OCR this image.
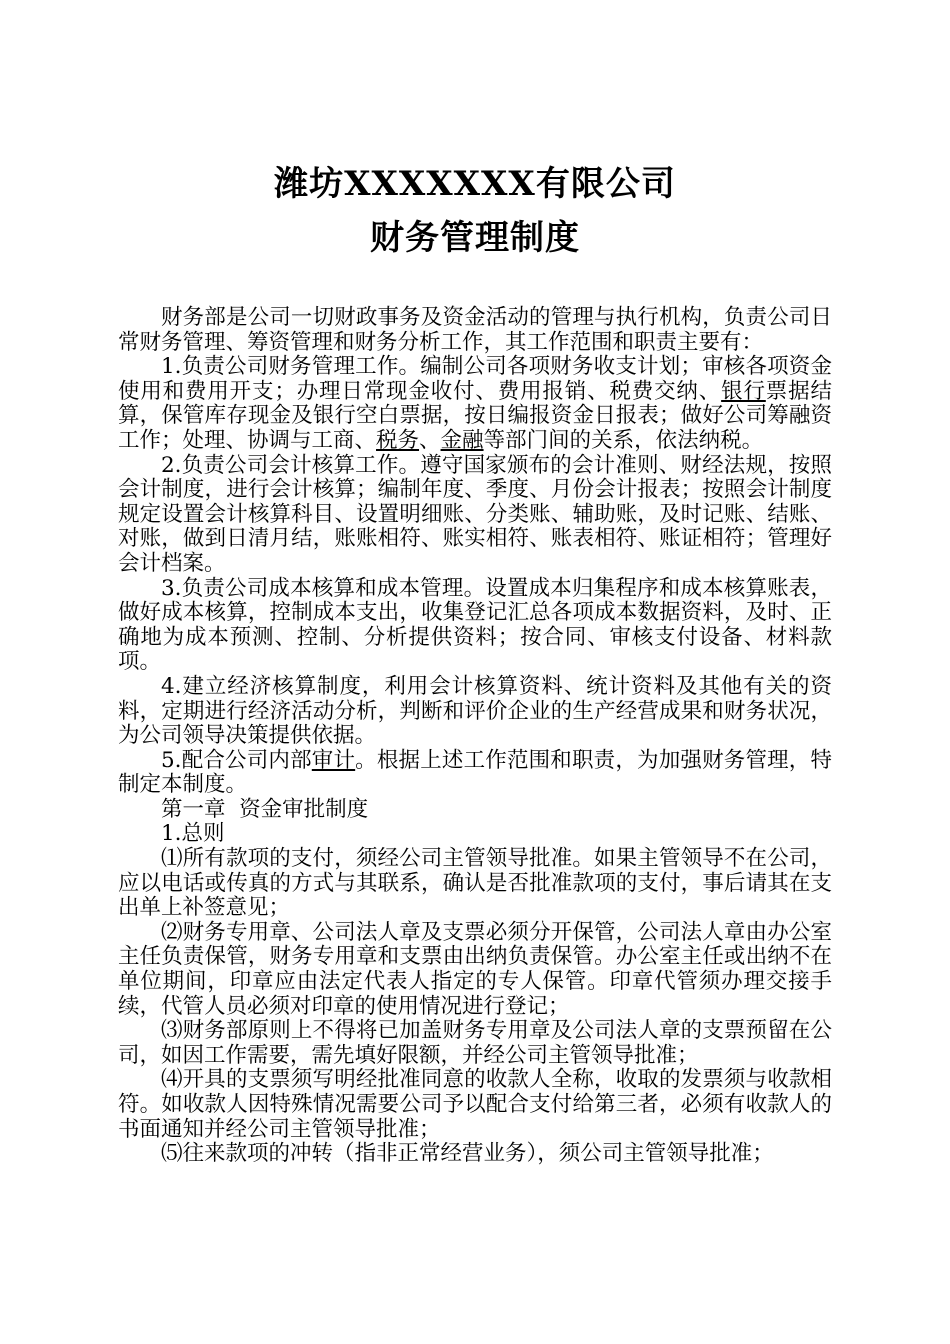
潍坊XXXXXXX有限公司
财务管理制度

财务部是公司一切财政事务及资金活动的管理与执行机构，负责公司日常财务管理、筹资管理和财务分析工作，其工作范围和职责主要有：

1.负责公司财务管理工作。编制公司各项财务收支计划；审核各项资金使用和费用开支；办理日常现金收付、费用报销、税费交纳、银行票据结算，保管库存现金及银行空白票据，按日编报资金日报表；做好公司筹融资工作；处理、协调与工商、税务、金融等部门间的关系，依法纳税。

2.负责公司会计核算工作。遵守国家颁布的会计准则、财经法规，按照会计制度，进行会计核算；编制年度、季度、月份会计报表；按照会计制度规定设置会计核算科目、设置明细账、分类账、辅助账，及时记账、结账、对账，做到日清月结，账账相符、账实相符、账表相符、账证相符；管理好会计档案。

3.负责公司成本核算和成本管理。设置成本归集程序和成本核算账表，做好成本核算，控制成本支出，收集登记汇总各项成本数据资料，及时、正确地为成本预测、控制、分析提供资料；按合同、审核支付设备、材料款项。

4.建立经济核算制度，利用会计核算资料、统计资料及其他有关的资料，定期进行经济活动分析，判断和评价企业的生产经营成果和财务状况，为公司领导决策提供依据。

5.配合公司内部审计。根据上述工作范围和职责，为加强财务管理，特制定本制度。

第一章  资金审批制度

1.总则

⑴所有款项的支付，须经公司主管领导批准。如果主管领导不在公司，应以电话或传真的方式与其联系，确认是否批准款项的支付，事后请其在支出单上补签意见；

⑵财务专用章、公司法人章及支票必须分开保管，公司法人章由办公室主任负责保管，财务专用章和支票由出纳负责保管。办公室主任或出纳不在单位期间，印章应由法定代表人指定的专人保管。印章代管须办理交接手续，代管人员必须对印章的使用情况进行登记；

⑶财务部原则上不得将已加盖财务专用章及公司法人章的支票预留在公司，如因工作需要，需先填好限额，并经公司主管领导批准；

⑷开具的支票须写明经批准同意的收款人全称，收取的发票须与收款相符。如收款人因特殊情况需要公司予以配合支付给第三者，必须有收款人的书面通知并经公司主管领导批准；

⑸往来款项的冲转（指非正常经营业务），须公司主管领导批准；
